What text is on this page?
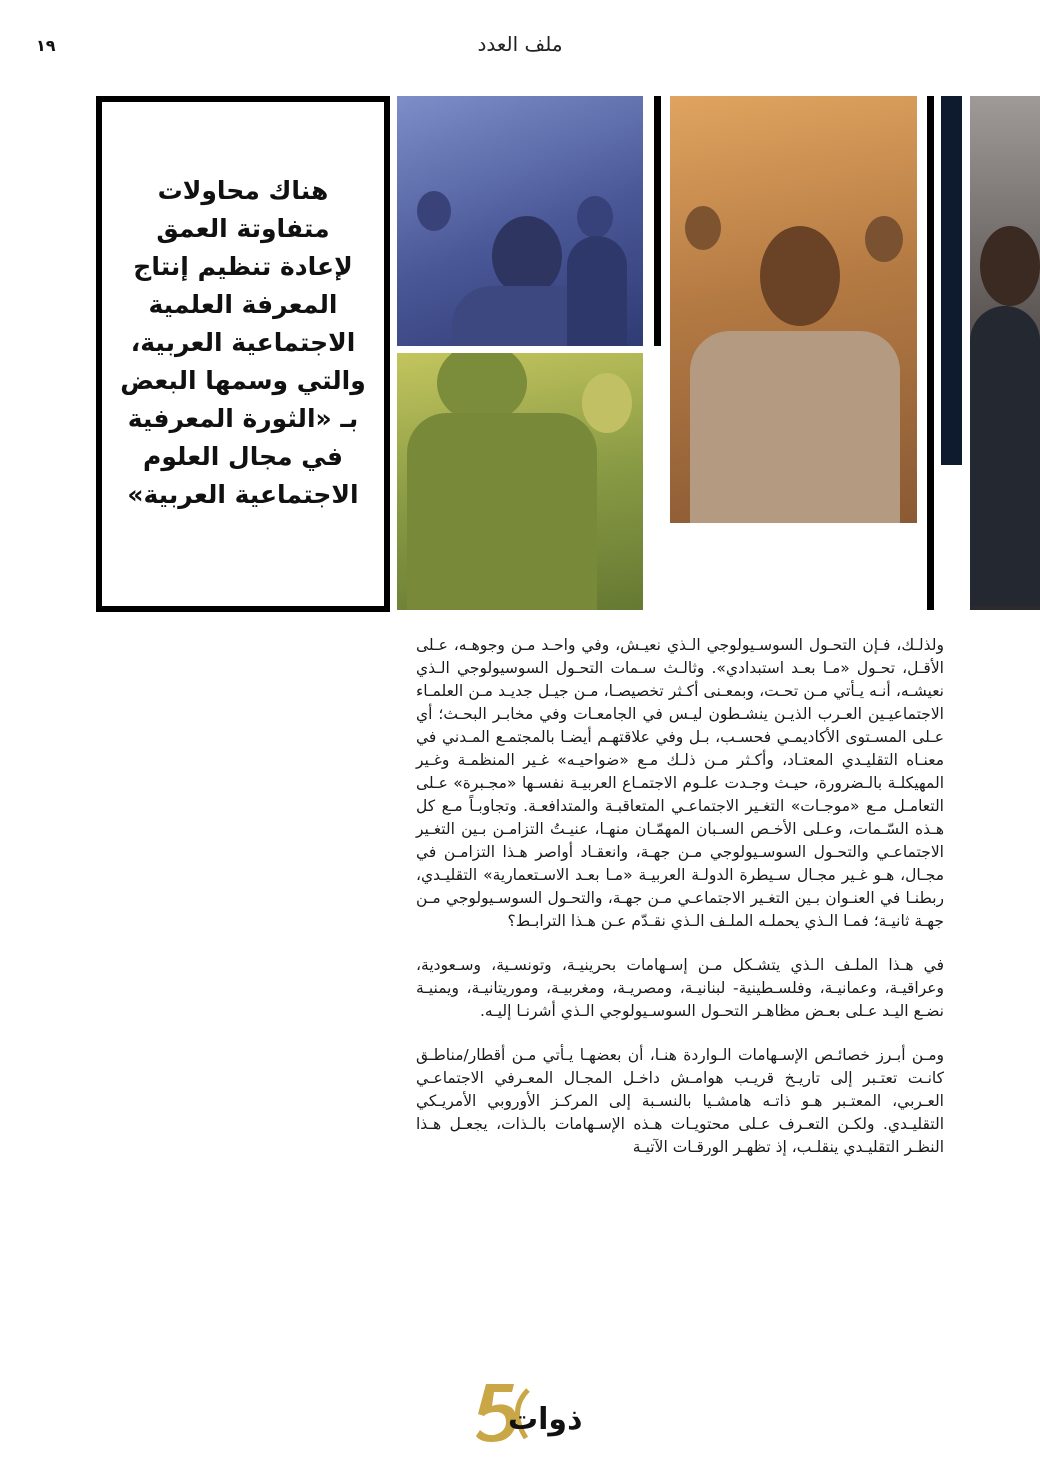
١٩	ملف العدد
هناك محاولات متفاوتة العمق لإعادة تنظيم إنتاج المعرفة العلمية الاجتماعية العربية، والتي وسمها البعض بـ «الثورة المعرفية في مجال العلوم الاجتماعية العربية»

ولذلـك، فـإن التحـول السوسـيولوجي الـذي نعيـش، وفي واحـد مـن وجوهـه، عـلى الأقـل، تحـول «مـا بعـد استبدادي». وثالـث سـمات التحـول السوسيولوجي الـذي نعيشـه، أنـه يـأتي مـن تحـت، وبمعـنى أكـثر تخصيصـا، مـن جيـل جديـد مـن العلمـاء الاجتماعيـين العـرب الذيـن ينشـطون ليـس في الجامعـات وفي مخابـر البحـث؛ أي عـلى المسـتوى الأكاديمـي فحسـب، بـل وفي علاقتهـم أيضـا بالمجتمـع المـدني في معنـاه التقليـدي المعتـاد، وأكـثر مـن ذلـك مـع «ضواحيـه» غـير المنظمـة وغـير المهيكلـة بالـضرورة، حيـث وجـدت علـوم الاجتمـاع العربيـة نفسـها «مجـبرة» عـلى التعامـل مـع «موجـات» التغـير الاجتماعـي المتعاقبـة والمتدافعـة. وتجاوبـاً مـع كل هـذه السّـمات، وعـلى الأخـص السـبان المهمّـان منهـا، عنيـتُ التزامـن بـين التغـير الاجتماعـي والتحـول السوسـيولوجي مـن جهـة، وانعقـاد أواصر هـذا التزامـن في مجـال، هـو غـير مجـال سـيطرة الدولـة العربيـة «مـا بعـد الاسـتعمارية» التقليـدي، ربطنـا في العنـوان بـين التغـير الاجتماعـي مـن جهـة، والتحـول السوسـيولوجي مـن جهـة ثانيـة؛ فمـا الـذي يحملـه الملـف الـذي نقـدّم عـن هـذا الترابـط؟

في هـذا الملـف الـذي يتشـكل مـن إسـهامات بحرينيـة، وتونسـية، وسـعودية، وعراقيـة، وعمانيـة، وفلسـطينية- لبنانيـة، ومصريـة، ومغربيـة، وموريتانيـة، ويمنيـة نضـع اليـد عـلى بعـض مظاهـر التحـول السوسـيولوجي الـذي أشرنـا إليـه.

ومـن أبـرز خصائـص الإسـهامات الـواردة هنـا، أن بعضهـا يـأتي مـن أقطار/مناطـق كانـت تعتـبر إلى تاريـخ قريـب هوامـش داخـل المجـال المعـرفي الاجتماعـي العـربي، المعتـبر هـو ذاتـه هامشـيا بالنسـبة إلى المركـز الأوروبي الأمريـكي التقليـدي. ولكـن التعـرف عـلى محتويـات هـذه الإسـهامات بالـذات، يجعـل هـذا النظـر التقليـدي ينقلـب، إذ تظهـر الورقـات الآتيـة

ذوات
